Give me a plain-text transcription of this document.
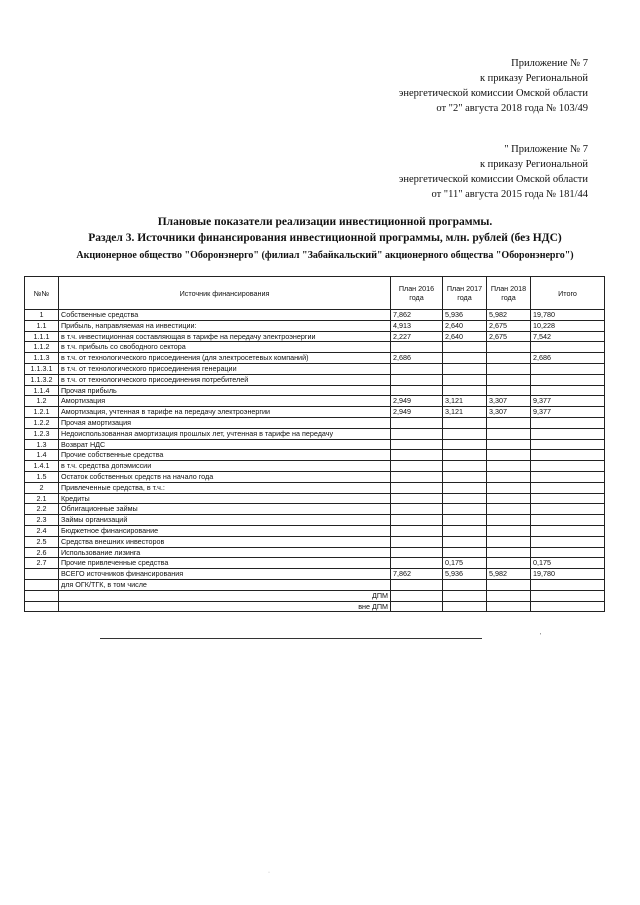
Приложение № 7
к приказу Региональной
энергетической комиссии Омской области
от "2" августа 2018 года № 103/49
" Приложение № 7
к приказу Региональной
энергетической комиссии Омской области
от "11" августа 2015 года № 181/44
Плановые показатели реализации инвестиционной программы.
Раздел 3. Источники финансирования инвестиционной программы, млн. рублей (без НДС)
Акционерное общество "Оборонэнерго" (филиал "Забайкальский" акционерного общества "Оборонэнерго")
№№	Источник финансирования	План 2016 года	План 2017 года	План 2018 года	Итого
1	Собственные средства	7,862	5,936	5,982	19,780
1.1	Прибыль, направляемая на инвестиции:	4,913	2,640	2,675	10,228
1.1.1	в т.ч. инвестиционная составляющая в тарифе на передачу электроэнергии	2,227	2,640	2,675	7,542
1.1.2	в т.ч. прибыль со свободного сектора				
1.1.3	в т.ч. от технологического присоединения (для электросетевых компаний)	2,686			2,686
1.1.3.1	в т.ч. от технологического присоединения генерации				
1.1.3.2	в т.ч. от технологического присоединения потребителей				
1.1.4	Прочая прибыль				
1.2	Амортизация	2,949	3,121	3,307	9,377
1.2.1	Амортизация, учтенная в тарифе на передачу электроэнергии	2,949	3,121	3,307	9,377
1.2.2	Прочая амортизация				
1.2.3	Недоиспользованная амортизация прошлых лет, учтенная в тарифе на передачу				
1.3	Возврат НДС				
1.4	Прочие собственные средства				
1.4.1	в т.ч. средства допэмиссии				
1.5	Остаток собственных средств на начало года				
2	Привлеченные средства, в т.ч.:				
2.1	Кредиты				
2.2	Облигационные займы				
2.3	Займы организаций				
2.4	Бюджетное финансирование				
2.5	Средства внешних инвесторов				
2.6	Использование лизинга				
2.7	Прочие привлеченные средства		0,175		0,175
	ВСЕГО источников финансирования	7,862	5,936	5,982	19,780
	для ОГК/ТГК, в том числе				
	ДПМ				
	вне ДПМ				
'
·
